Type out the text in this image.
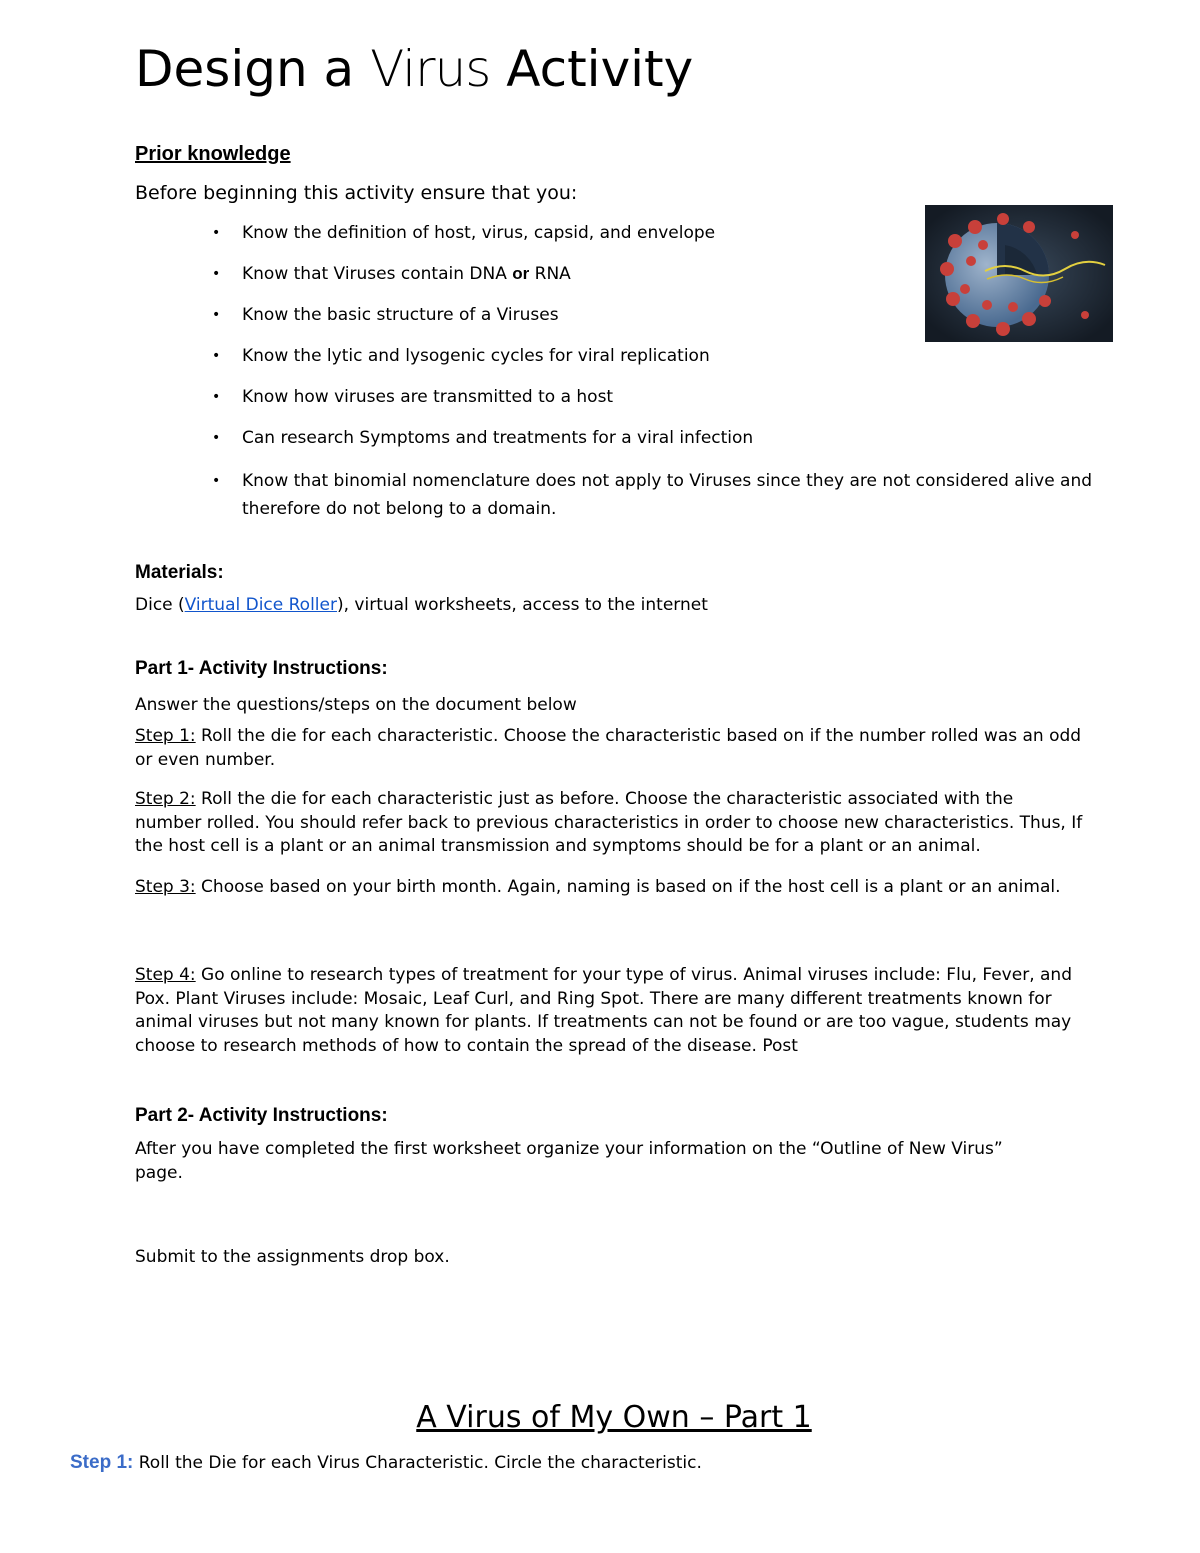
Design a Virus Activity
Prior knowledge
Before beginning this activity ensure that you:
• Know the definition of host, virus, capsid, and envelope
• Know that Viruses contain DNA or RNA
• Know the basic structure of a Viruses
• Know the lytic and lysogenic cycles for viral replication
• Know how viruses are transmitted to a host
• Can research Symptoms and treatments for a viral infection
• Know that binomial nomenclature does not apply to Viruses since they are not considered alive and therefore do not belong to a domain.
Materials:
Dice (Virtual Dice Roller), virtual worksheets, access to the internet
Part 1- Activity Instructions:
Answer the questions/steps on the document below
Step 1: Roll the die for each characteristic. Choose the characteristic based on if the number rolled was an odd or even number.
Step 2: Roll the die for each characteristic just as before. Choose the characteristic associated with the number rolled. You should refer back to previous characteristics in order to choose new characteristics. Thus, If the host cell is a plant or an animal transmission and symptoms should be for a plant or an animal.
Step 3: Choose based on your birth month. Again, naming is based on if the host cell is a plant or an animal.
Step 4: Go online to research types of treatment for your type of virus. Animal viruses include: Flu, Fever, and Pox. Plant Viruses include: Mosaic, Leaf Curl, and Ring Spot. There are many different treatments known for animal viruses but not many known for plants. If treatments can not be found or are too vague, students may choose to research methods of how to contain the spread of the disease. Post
Part 2- Activity Instructions:
After you have completed the first worksheet organize your information on the “Outline of New Virus” page.
Submit to the assignments drop box.
A Virus of My Own – Part 1
Step 1: Roll the Die for each Virus Characteristic. Circle the characteristic.
